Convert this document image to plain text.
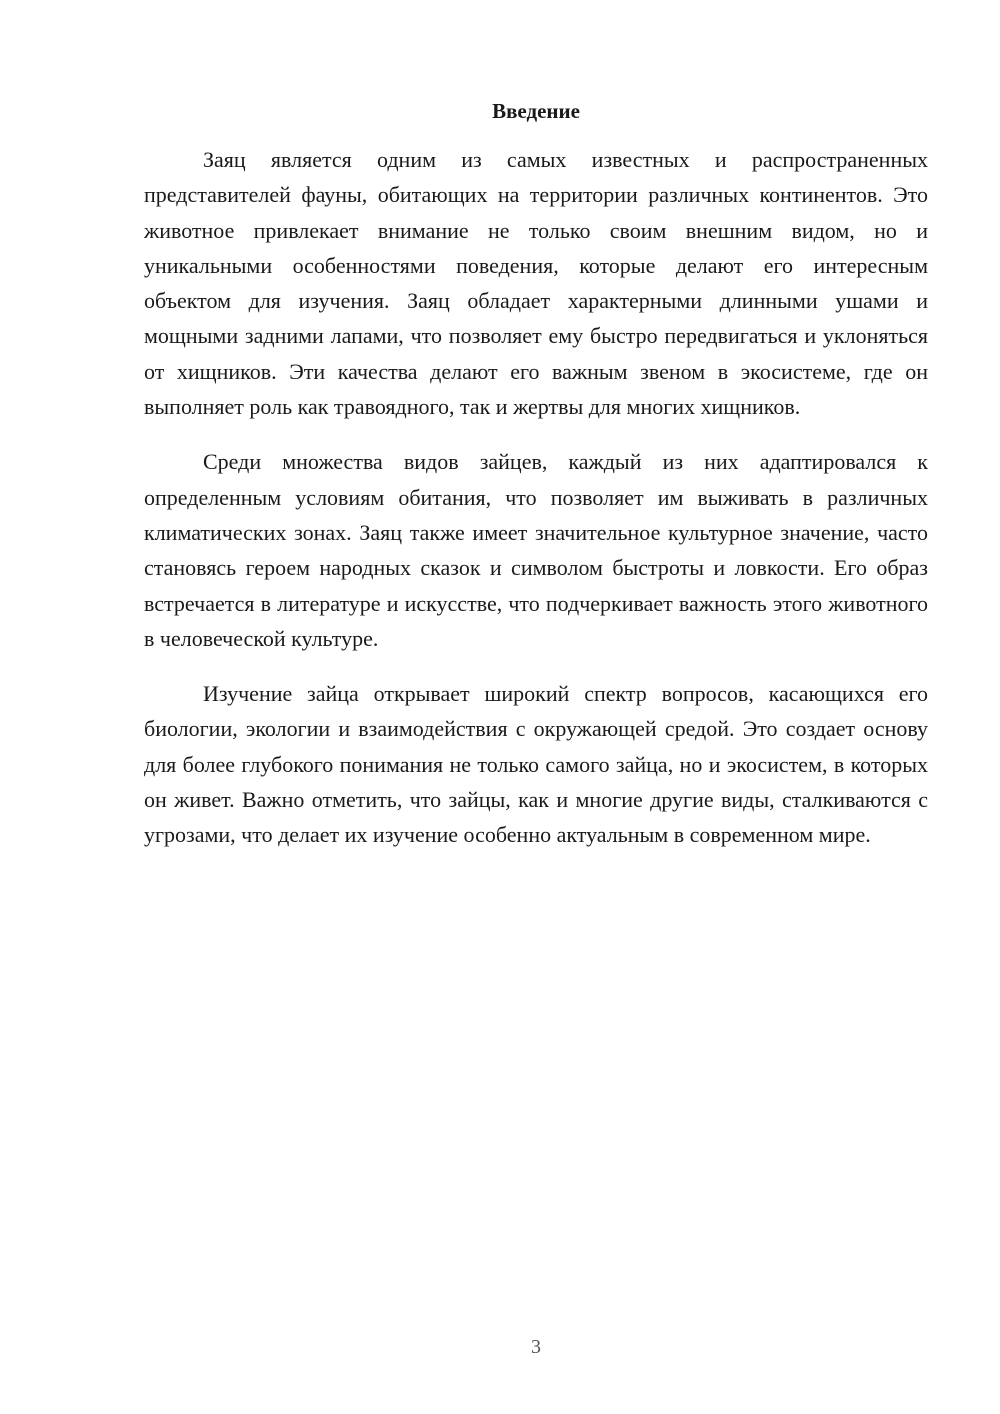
Введение

Заяц является одним из самых известных и распространенных представителей фауны, обитающих на территории различных континентов. Это животное привлекает внимание не только своим внешним видом, но и уникальными особенностями поведения, которые делают его интересным объектом для изучения. Заяц обладает характерными длинными ушами и мощными задними лапами, что позволяет ему быстро передвигаться и уклоняться от хищников. Эти качества делают его важным звеном в экосистеме, где он выполняет роль как травоядного, так и жертвы для многих хищников.

Среди множества видов зайцев, каждый из них адаптировался к определенным условиям обитания, что позволяет им выживать в различных климатических зонах. Заяц также имеет значительное культурное значение, часто становясь героем народных сказок и символом быстроты и ловкости. Его образ встречается в литературе и искусстве, что подчеркивает важность этого животного в человеческой культуре.

Изучение зайца открывает широкий спектр вопросов, касающихся его биологии, экологии и взаимодействия с окружающей средой. Это создает основу для более глубокого понимания не только самого зайца, но и экосистем, в которых он живет. Важно отметить, что зайцы, как и многие другие виды, сталкиваются с угрозами, что делает их изучение особенно актуальным в современном мире.

3
